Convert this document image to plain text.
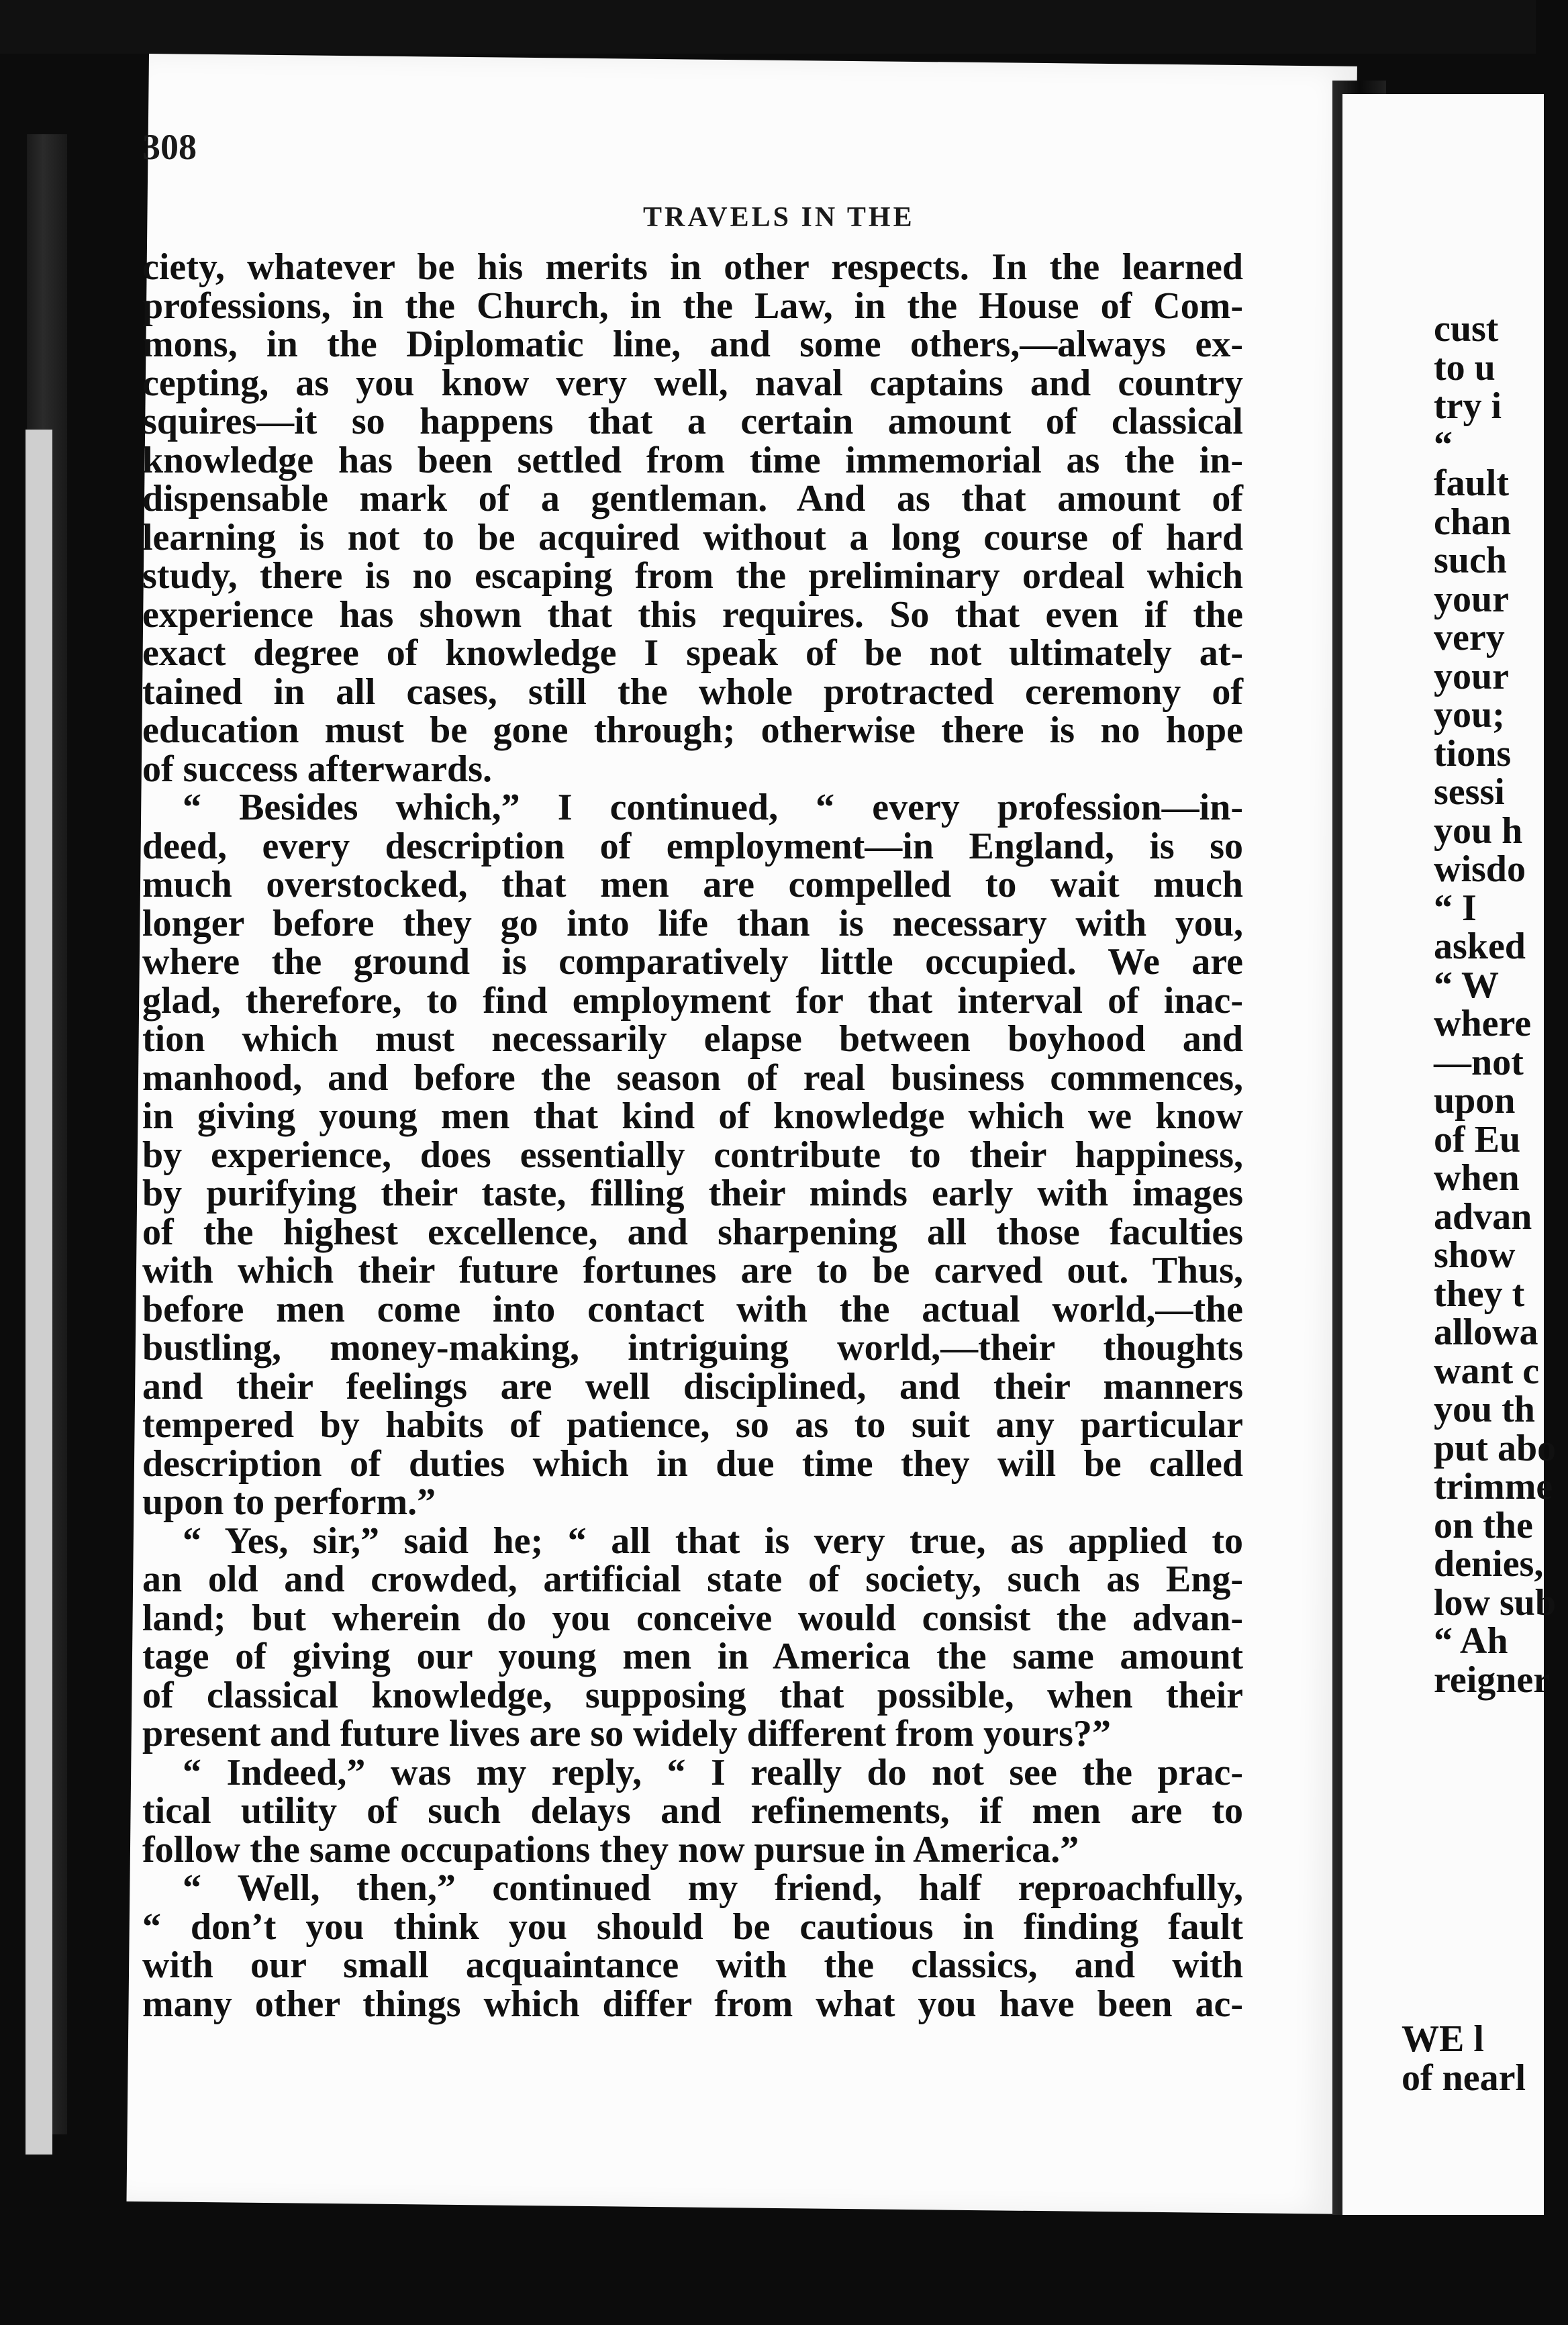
308
TRAVELS IN THE
ciety, whatever be his merits in other respects. In the learned
professions, in the Church, in the Law, in the House of Com-
mons, in the Diplomatic line, and some others,—always ex-
cepting, as you know very well, naval captains and country
squires—it so happens that a certain amount of classical
knowledge has been settled from time immemorial as the in-
dispensable mark of a gentleman. And as that amount of
learning is not to be acquired without a long course of hard
study, there is no escaping from the preliminary ordeal which
experience has shown that this requires. So that even if the
exact degree of knowledge I speak of be not ultimately at-
tained in all cases, still the whole protracted ceremony of
education must be gone through; otherwise there is no hope
of success afterwards.
“ Besides which,” I continued, “ every profession—in-
deed, every description of employment—in England, is so
much overstocked, that men are compelled to wait much
longer before they go into life than is necessary with you,
where the ground is comparatively little occupied. We are
glad, therefore, to find employment for that interval of inac-
tion which must necessarily elapse between boyhood and
manhood, and before the season of real business commences,
in giving young men that kind of knowledge which we know
by experience, does essentially contribute to their happiness,
by purifying their taste, filling their minds early with images
of the highest excellence, and sharpening all those faculties
with which their future fortunes are to be carved out. Thus,
before men come into contact with the actual world,—the
bustling, money-making, intriguing world,—their thoughts
and their feelings are well disciplined, and their manners
tempered by habits of patience, so as to suit any particular
description of duties which in due time they will be called
upon to perform.”
“ Yes, sir,” said he; “ all that is very true, as applied to
an old and crowded, artificial state of society, such as Eng-
land; but wherein do you conceive would consist the advan-
tage of giving our young men in America the same amount
of classical knowledge, supposing that possible, when their
present and future lives are so widely different from yours?”
“ Indeed,” was my reply, “ I really do not see the prac-
tical utility of such delays and refinements, if men are to
follow the same occupations they now pursue in America.”
“ Well, then,” continued my friend, half reproachfully,
“ don’t you think you should be cautious in finding fault
with our small acquaintance with the classics, and with
many other things which differ from what you have been ac-
cust
to u
try i
“
fault
chan
such
your
very
your
you;
tions
sessi
you h
wisdo
“ I
asked
“ W
where
—not
upon
of Eu
when
advan
show
they t
allowa
want c
you th
put abo
trimme
on the
denies,
low sub
“ Ah
reigner
WE l
of nearl
